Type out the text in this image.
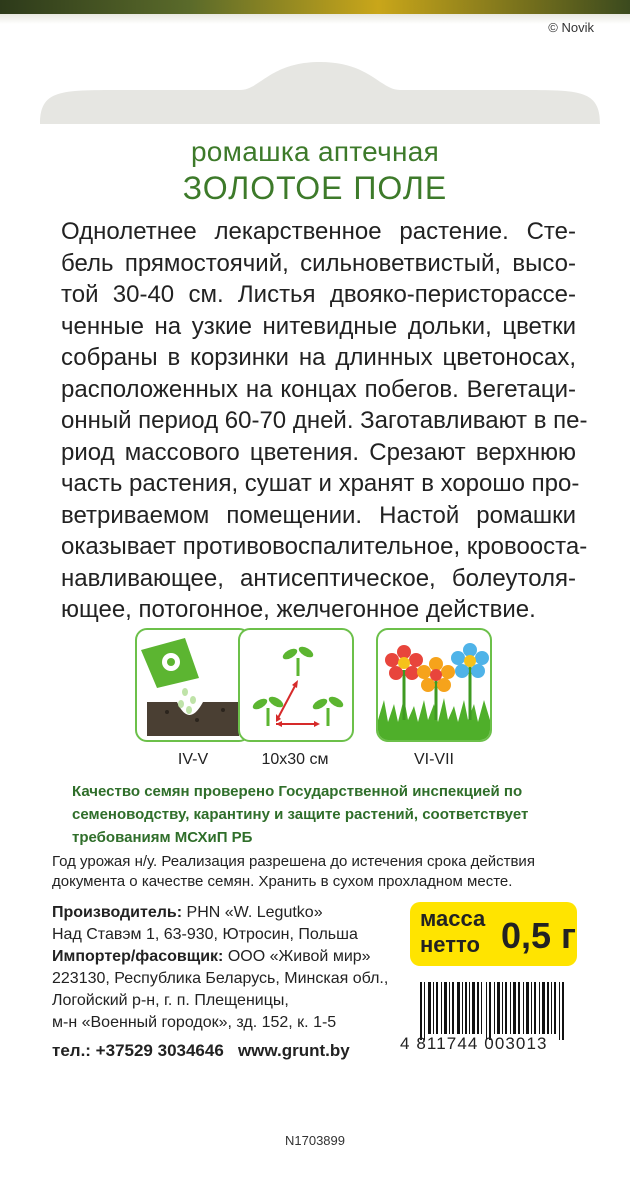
© Novik
ромашка аптечная
ЗОЛОТОЕ ПОЛЕ
Однолетнее лекарственное растение. Сте-
бель прямостоячий, сильноветвистый, высо-
той 30-40 см. Листья двояко-перисторассе-
ченные на узкие нитевидные дольки, цветки
собраны в корзинки на длинных цветоносах,
расположенных на концах побегов. Вегетаци-
онный период 60-70 дней. Заготавливают в пе-
риод массового цветения. Срезают верхнюю
часть растения, сушат и хранят в хорошо про-
ветриваемом помещении. Настой ромашки
оказывает противовоспалительное, кровооста-
навливающее, антисептическое, болеутоля-
ющее, потогонное, желчегонное действие.
IV-V	10x30 см	VI-VII
Качество семян проверено Государственной инспекцией по семеноводству, карантину и защите растений, соответствует требованиям МСХиП РБ
Год урожая н/у. Реализация разрешена до истечения срока действия документа о качестве семян. Хранить в сухом прохладном месте.
Производитель: PHN «W. Legutko»
Над Ставэм 1, 63-930, Ютросин, Польша
Импортер/фасовщик: ООО «Живой мир»
223130, Республика Беларусь, Минская обл.,
Логойский р-н, г. п. Плещеницы,
м-н «Военный городок», зд. 152, к. 1-5
тел.: +37529 3034646   www.grunt.by
масса
нетто 0,5 г
4 811744 003013
N1703899
